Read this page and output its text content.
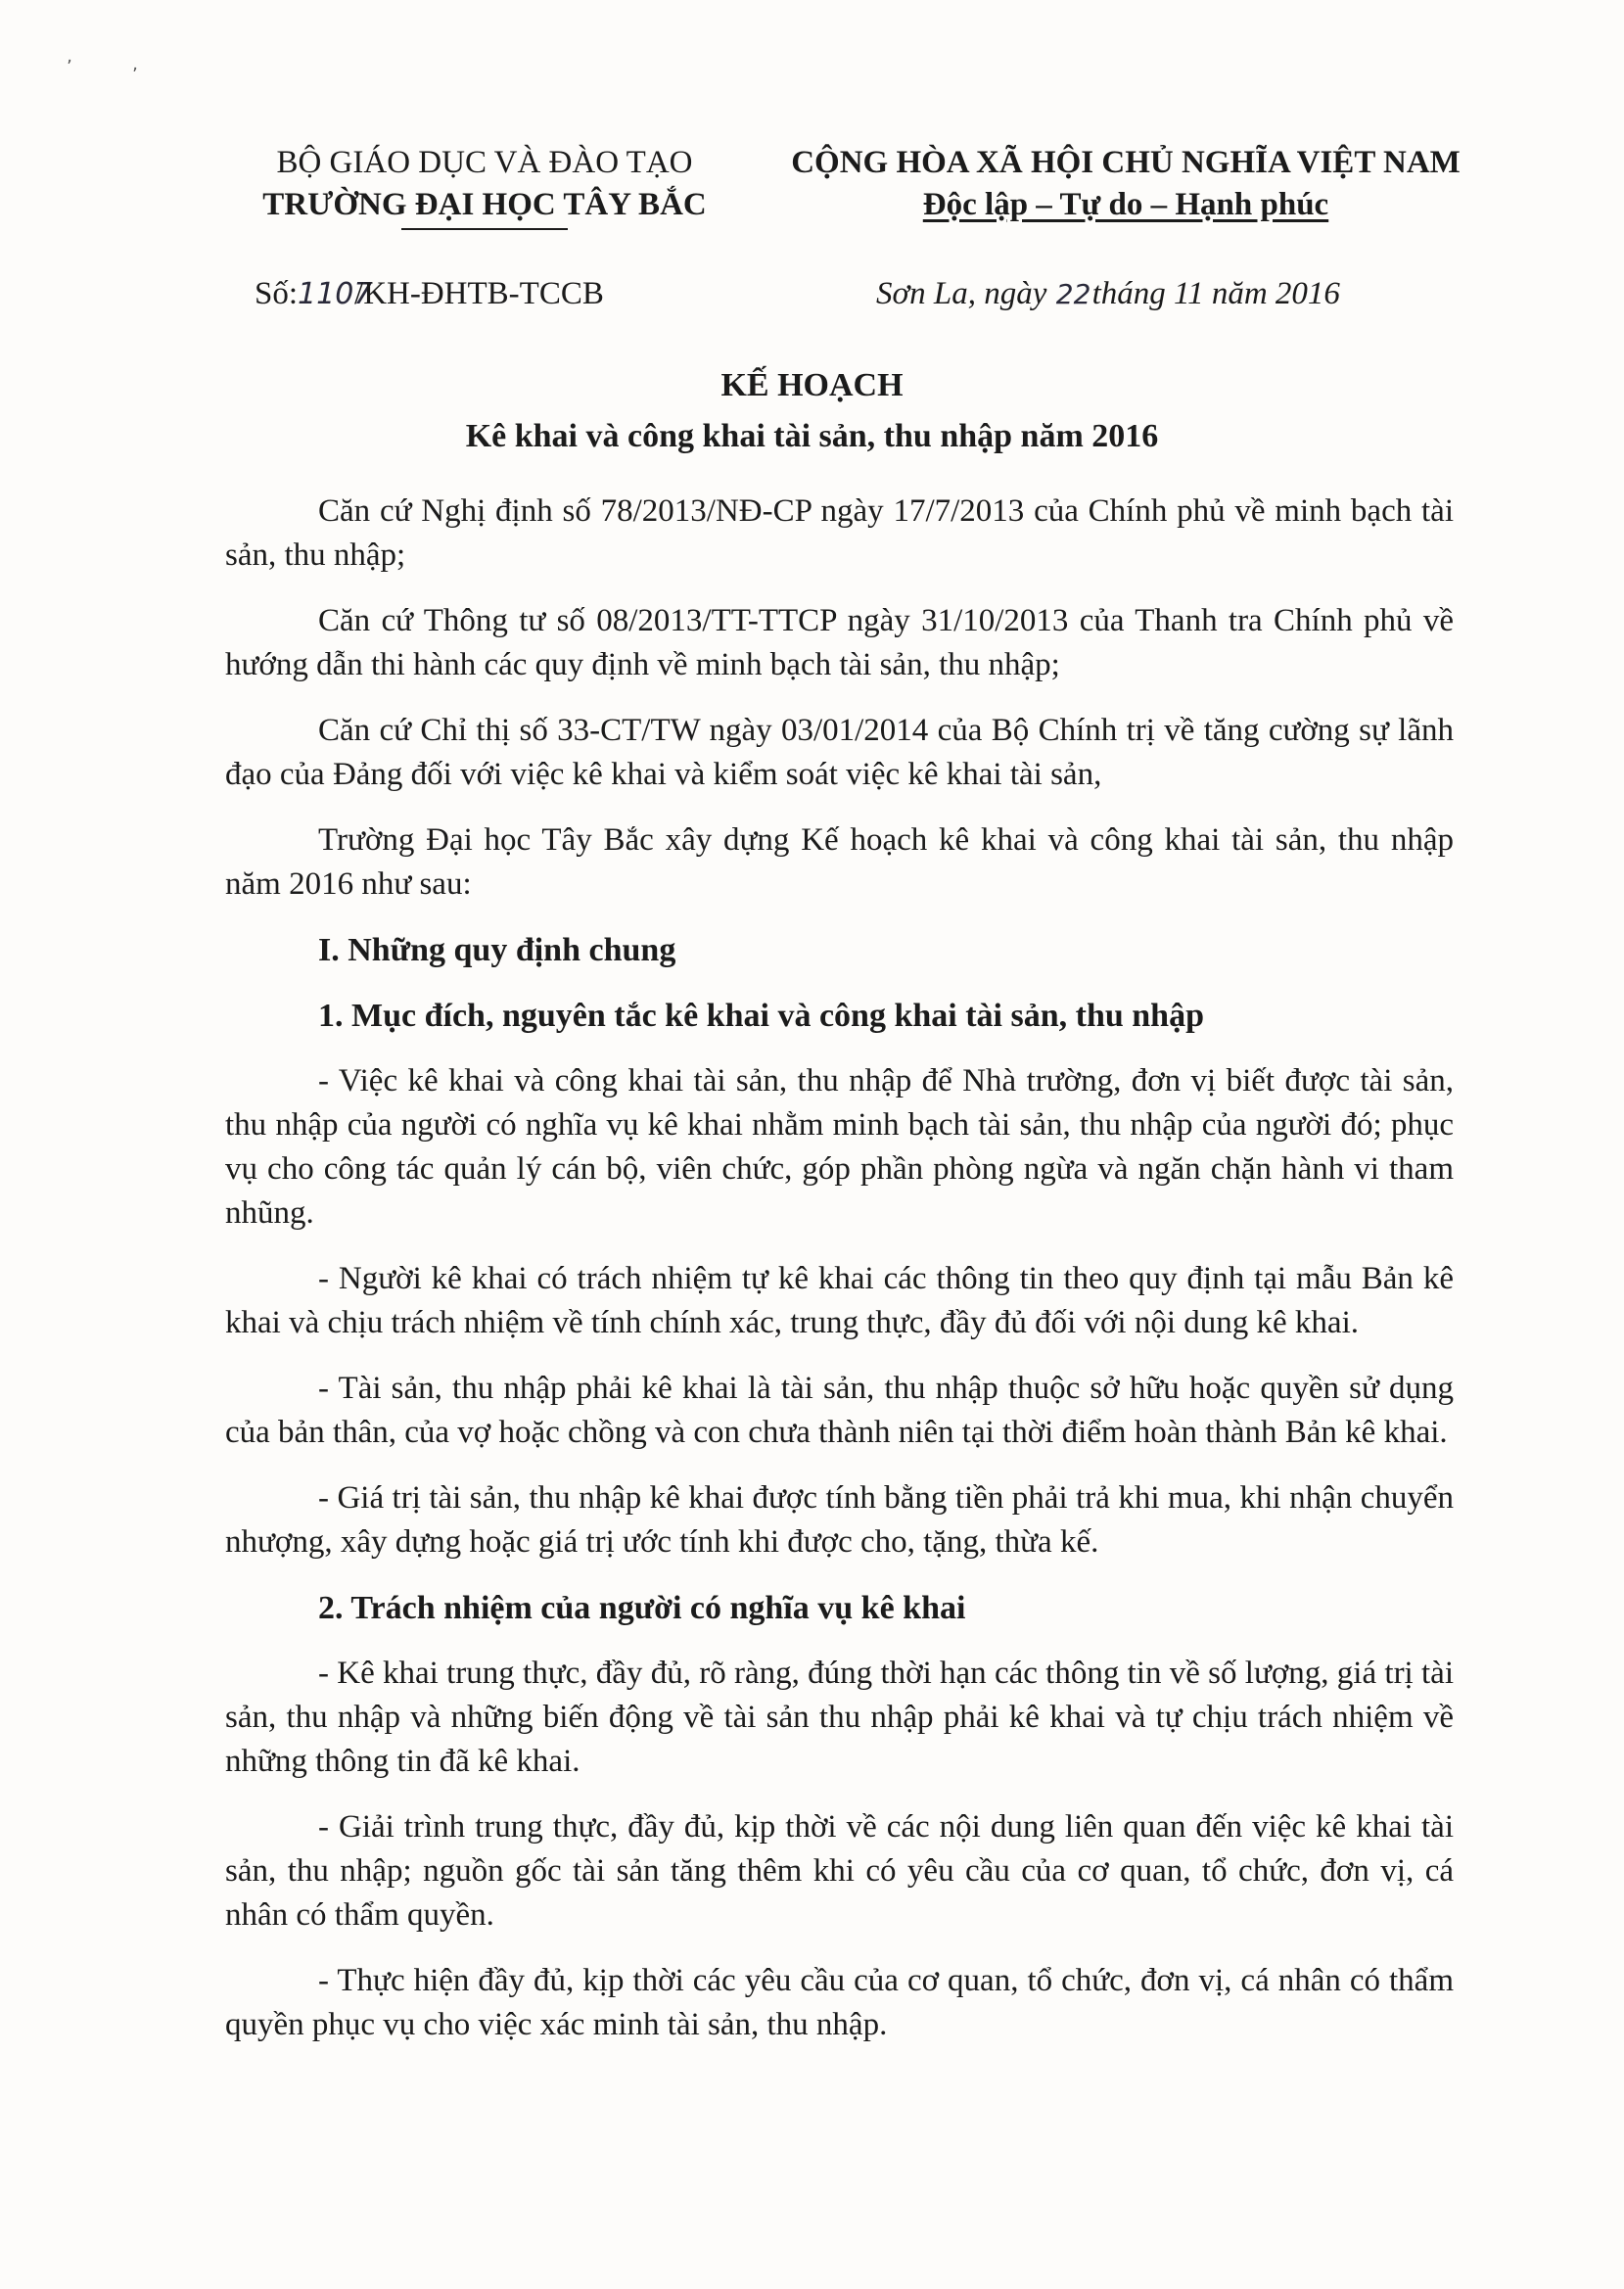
ʼ	ʼ
BỘ GIÁO DỤC VÀ ĐÀO TẠO
TRƯỜNG ĐẠI HỌC TÂY BẮC
CỘNG HÒA XÃ HỘI CHỦ NGHĨA VIỆT NAM
Độc lập – Tự do – Hạnh phúc
Số:1107/KH-ĐHTB-TCCB	Sơn La, ngày 22tháng 11 năm 2016
KẾ HOẠCH
Kê khai và công khai tài sản, thu nhập năm 2016

Căn cứ Nghị định số 78/2013/NĐ-CP ngày 17/7/2013 của Chính phủ về minh bạch tài sản, thu nhập;

Căn cứ Thông tư số 08/2013/TT-TTCP ngày 31/10/2013 của Thanh tra Chính phủ về hướng dẫn thi hành các quy định về minh bạch tài sản, thu nhập;

Căn cứ Chỉ thị số 33-CT/TW ngày 03/01/2014 của Bộ Chính trị về tăng cường sự lãnh đạo của Đảng đối với việc kê khai và kiểm soát việc kê khai tài sản,

Trường Đại học Tây Bắc xây dựng Kế hoạch kê khai và công khai tài sản, thu nhập năm 2016 như sau:

I. Những quy định chung
1. Mục đích, nguyên tắc kê khai và công khai tài sản, thu nhập

- Việc kê khai và công khai tài sản, thu nhập để Nhà trường, đơn vị biết được tài sản, thu nhập của người có nghĩa vụ kê khai nhằm minh bạch tài sản, thu nhập của người đó; phục vụ cho công tác quản lý cán bộ, viên chức, góp phần phòng ngừa và ngăn chặn hành vi tham nhũng.

- Người kê khai có trách nhiệm tự kê khai các thông tin theo quy định tại mẫu Bản kê khai và chịu trách nhiệm về tính chính xác, trung thực, đầy đủ đối với nội dung kê khai.

- Tài sản, thu nhập phải kê khai là tài sản, thu nhập thuộc sở hữu hoặc quyền sử dụng của bản thân, của vợ hoặc chồng và con chưa thành niên tại thời điểm hoàn thành Bản kê khai.

- Giá trị tài sản, thu nhập kê khai được tính bằng tiền phải trả khi mua, khi nhận chuyển nhượng, xây dựng hoặc giá trị ước tính khi được cho, tặng, thừa kế.

2. Trách nhiệm của người có nghĩa vụ kê khai

- Kê khai trung thực, đầy đủ, rõ ràng, đúng thời hạn các thông tin về số lượng, giá trị tài sản, thu nhập và những biến động về tài sản thu nhập phải kê khai và tự chịu trách nhiệm về những thông tin đã kê khai.

- Giải trình trung thực, đầy đủ, kịp thời về các nội dung liên quan đến việc kê khai tài sản, thu nhập; nguồn gốc tài sản tăng thêm khi có yêu cầu của cơ quan, tổ chức, đơn vị, cá nhân có thẩm quyền.

- Thực hiện đầy đủ, kịp thời các yêu cầu của cơ quan, tổ chức, đơn vị, cá nhân có thẩm quyền phục vụ cho việc xác minh tài sản, thu nhập.
